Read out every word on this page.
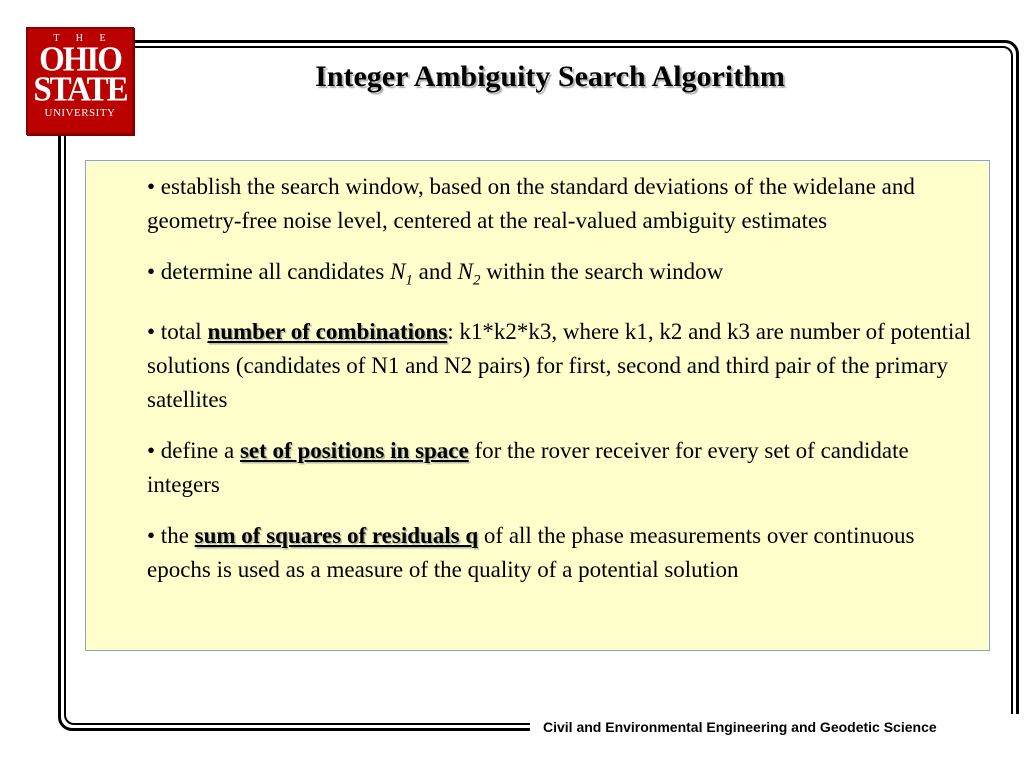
T H E
OHIO
STATE
UNIVERSITY
Integer Ambiguity Search Algorithm
• establish the search window, based on the standard deviations of the widelane and geometry-free noise level, centered at the real-valued ambiguity estimates
• determine all candidates $N_1$ and $N_2$ within the search window
• total number of combinations: k1*k2*k3, where k1, k2 and k3 are number of potential solutions (candidates of N1 and N2 pairs) for first, second and third pair of the primary satellites
• define a set of positions in space for the rover receiver for every set of candidate integers
• the sum of squares of residuals q of all the phase measurements over continuous epochs is used as a measure of the quality of a potential solution
Civil and Environmental Engineering and Geodetic Science
